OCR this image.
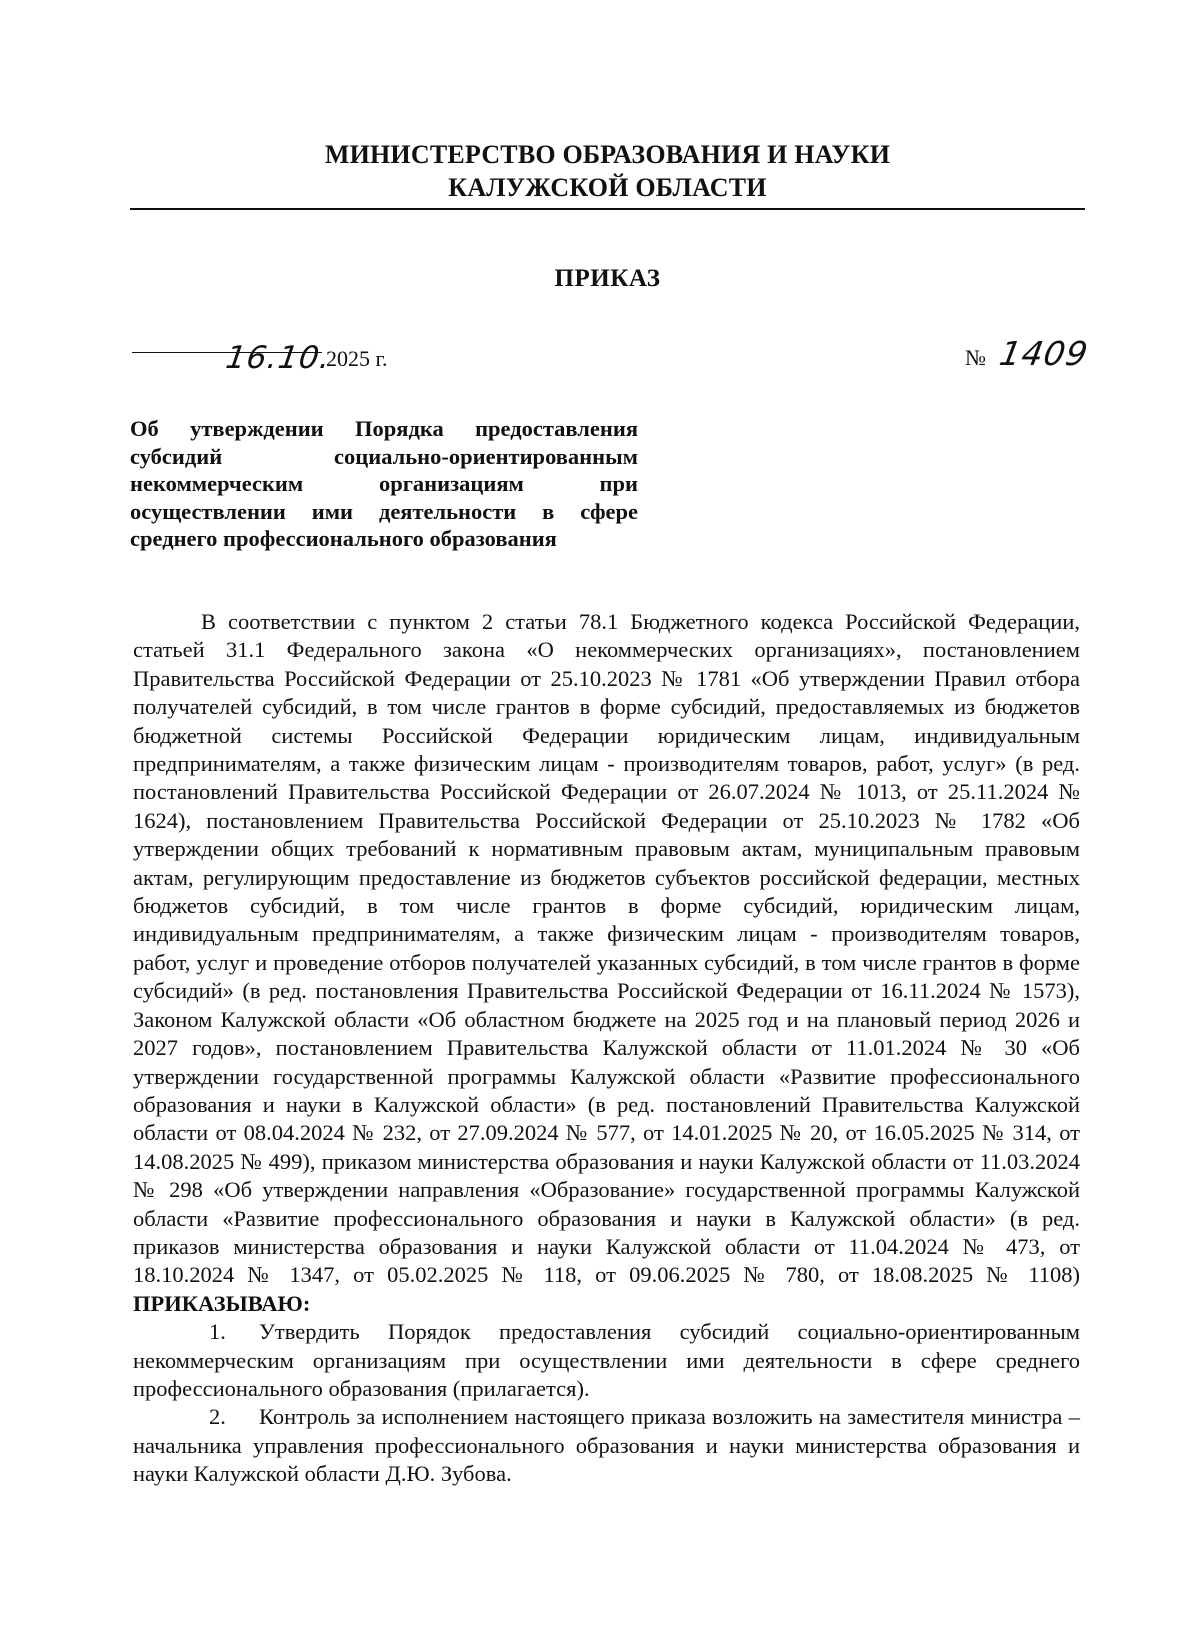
МИНИСТЕРСТВО ОБРАЗОВАНИЯ И НАУКИ
КАЛУЖСКОЙ ОБЛАСТИ
ПРИКАЗ
16.10.
2025 г.	№ 1409
Об утверждении Порядка предоставления субсидий социально-ориентированным некоммерческим организациям при осуществлении ими деятельности в сфере среднего профессионального образования

В соответствии с пунктом 2 статьи 78.1 Бюджетного кодекса Российской Федерации, статьей 31.1 Федерального закона «О некоммерческих организациях», постановлением Правительства Российской Федерации от 25.10.2023 № 1781 «Об утверждении Правил отбора получателей субсидий, в том числе грантов в форме субсидий, предоставляемых из бюджетов бюджетной системы Российской Федерации юридическим лицам, индивидуальным предпринимателям, а также физическим лицам - производителям товаров, работ, услуг» (в ред. постановлений Правительства Российской Федерации от 26.07.2024 № 1013, от 25.11.2024 № 1624), постановлением Правительства Российской Федерации от 25.10.2023 № 1782 «Об утверждении общих требований к нормативным правовым актам, муниципальным правовым актам, регулирующим предоставление из бюджетов субъектов российской федерации, местных бюджетов субсидий, в том числе грантов в форме субсидий, юридическим лицам, индивидуальным предпринимателям, а также физическим лицам - производителям товаров, работ, услуг и проведение отборов получателей указанных субсидий, в том числе грантов в форме субсидий» (в ред. постановления Правительства Российской Федерации от 16.11.2024 № 1573), Законом Калужской области «Об областном бюджете на 2025 год и на плановый период 2026 и 2027 годов», постановлением Правительства Калужской области от 11.01.2024 № 30 «Об утверждении государственной программы Калужской области «Развитие профессионального образования и науки в Калужской области» (в ред. постановлений Правительства Калужской области от 08.04.2024 № 232, от 27.09.2024 № 577, от 14.01.2025 № 20, от 16.05.2025 № 314, от 14.08.2025 № 499), приказом министерства образования и науки Калужской области от 11.03.2024 № 298 «Об утверждении направления «Образование» государственной программы Калужской области «Развитие профессионального образования и науки в Калужской области» (в ред. приказов министерства образования и науки Калужской области от 11.04.2024 № 473, от 18.10.2024 № 1347, от 05.02.2025 № 118, от 09.06.2025 № 780, от 18.08.2025 № 1108) ПРИКАЗЫВАЮ:

1. Утвердить Порядок предоставления субсидий социально-ориентированным некоммерческим организациям при осуществлении ими деятельности в сфере среднего профессионального образования (прилагается).

2. Контроль за исполнением настоящего приказа возложить на заместителя министра – начальника управления профессионального образования и науки министерства образования и науки Калужской области Д.Ю. Зубова.
